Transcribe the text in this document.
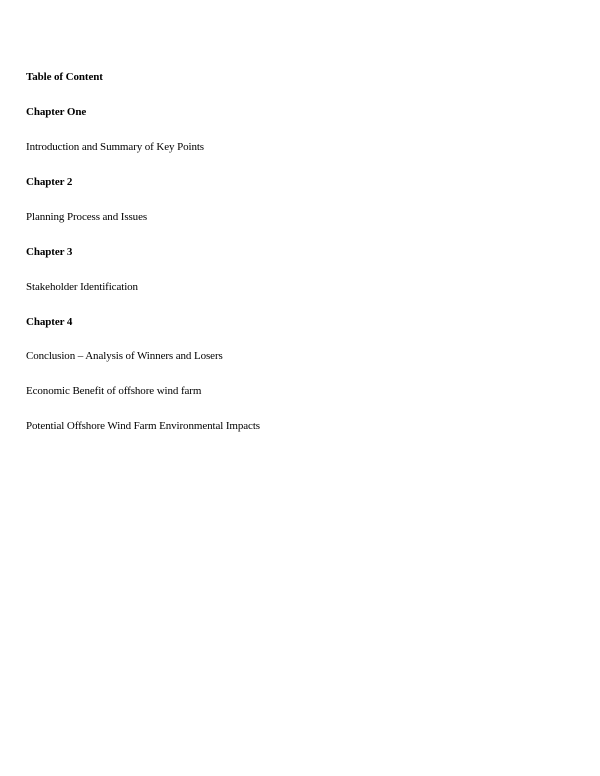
Table of Content
Chapter One
Introduction and Summary of Key Points
Chapter 2
Planning Process and Issues
Chapter 3
Stakeholder Identification
Chapter 4
Conclusion – Analysis of Winners and Losers
Economic Benefit of offshore wind farm
Potential Offshore Wind Farm Environmental Impacts
